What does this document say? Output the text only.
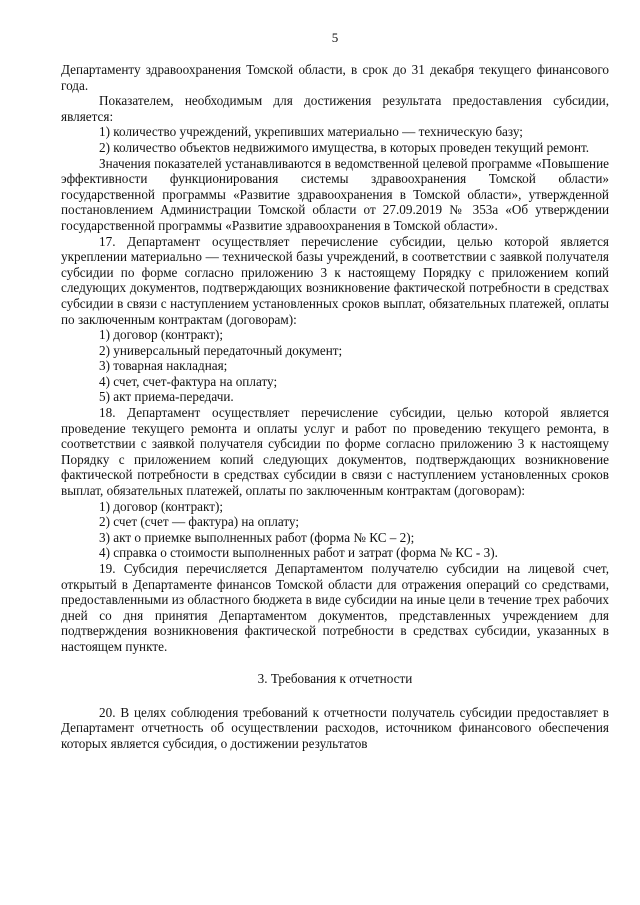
5

Департаменту здравоохранения Томской области, в срок до 31 декабря текущего финансового года.

Показателем, необходимым для достижения результата предоставления субсидии, является:

1) количество учреждений, укрепивших материально — техническую базу;

2) количество объектов недвижимого имущества, в которых проведен текущий ремонт.

Значения показателей устанавливаются в ведомственной целевой программе «Повышение эффективности функционирования системы здравоохранения Томской области» государственной программы «Развитие здравоохранения в Томской области», утвержденной постановлением Администрации Томской области от 27.09.2019 № 353а «Об утверждении государственной программы «Развитие здравоохранения в Томской области».

17. Департамент осуществляет перечисление субсидии, целью которой является укреплении материально — технической базы учреждений, в соответствии с заявкой получателя субсидии по форме согласно приложению 3 к настоящему Порядку с приложением копий следующих документов, подтверждающих возникновение фактической потребности в средствах субсидии в связи с наступлением установленных сроков выплат, обязательных платежей, оплаты по заключенным контрактам (договорам):

1) договор (контракт);

2) универсальный передаточный документ;

3) товарная накладная;

4) счет, счет-фактура на оплату;

5) акт приема-передачи.

18. Департамент осуществляет перечисление субсидии, целью которой является проведение текущего ремонта и оплаты услуг и работ по проведению текущего ремонта, в соответствии с заявкой получателя субсидии по форме согласно приложению 3 к настоящему Порядку с приложением копий следующих документов, подтверждающих возникновение фактической потребности в средствах субсидии в связи с наступлением установленных сроков выплат, обязательных платежей, оплаты по заключенным контрактам (договорам):

1) договор (контракт);

2) счет (счет — фактура) на оплату;

3) акт о приемке выполненных работ (форма № КС – 2);

4) справка о стоимости выполненных работ и затрат (форма № КС - 3).

19. Субсидия перечисляется Департаментом получателю субсидии на лицевой счет, открытый в Департаменте финансов Томской области для отражения операций со средствами, предоставленными из областного бюджета в виде субсидии на иные цели в течение трех рабочих дней со дня принятия Департаментом документов, представленных учреждением для подтверждения возникновения фактической потребности в средствах субсидии, указанных в настоящем пункте.

3. Требования к отчетности

20. В целях соблюдения требований к отчетности получатель субсидии предоставляет в Департамент отчетность об осуществлении расходов, источником финансового обеспечения которых является субсидия, о достижении результатов
